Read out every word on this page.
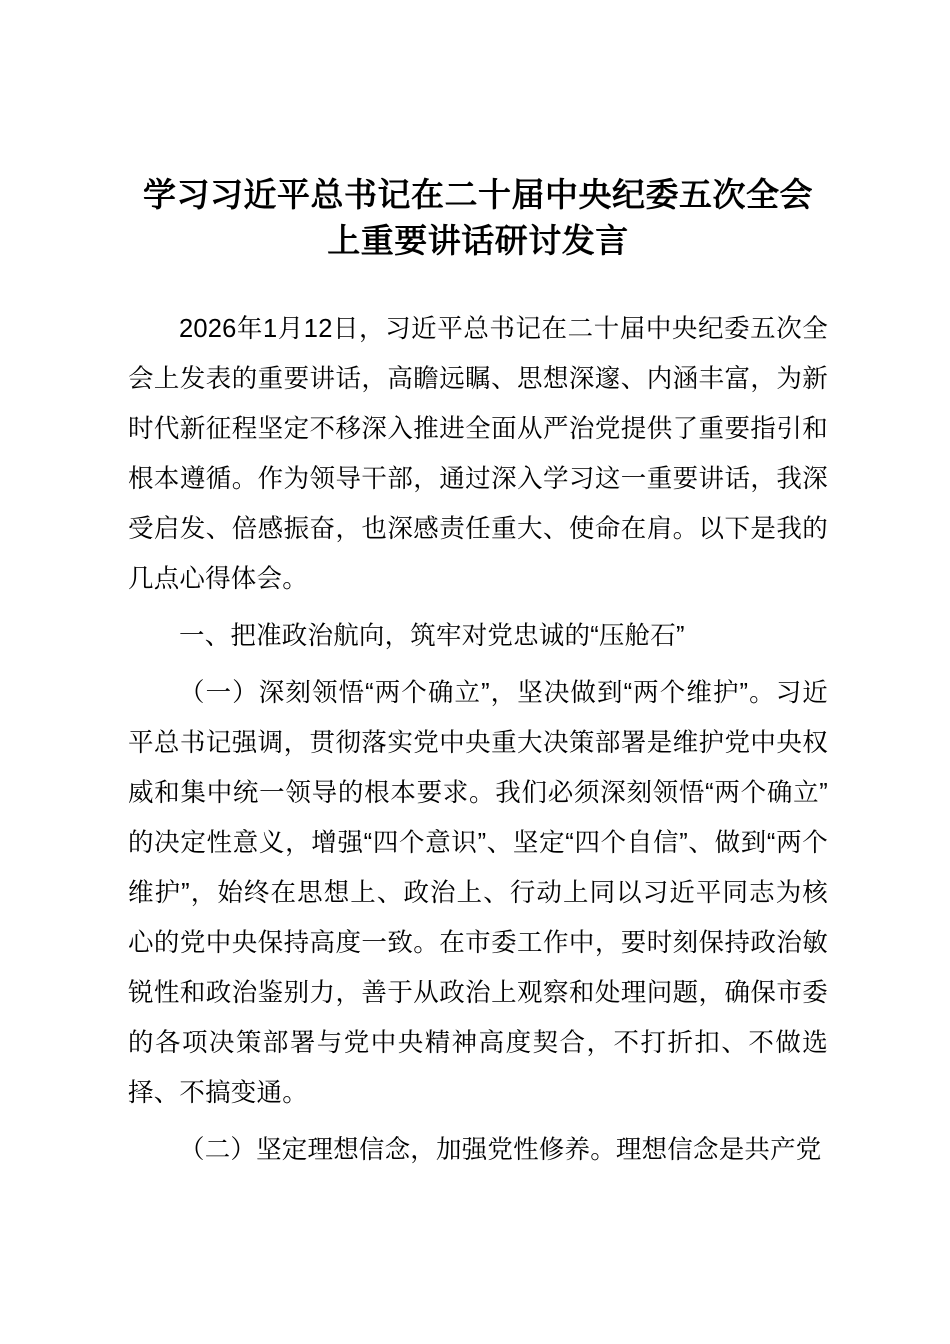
学习习近平总书记在二十届中央纪委五次全会上重要讲话研讨发言

2026年1月12日，习近平总书记在二十届中央纪委五次全会上发表的重要讲话，高瞻远瞩、思想深邃、内涵丰富，为新时代新征程坚定不移深入推进全面从严治党提供了重要指引和根本遵循。作为领导干部，通过深入学习这一重要讲话，我深受启发、倍感振奋，也深感责任重大、使命在肩。以下是我的几点心得体会。

一、把准政治航向，筑牢对党忠诚的“压舱石”

（一）深刻领悟“两个确立”，坚决做到“两个维护”。习近平总书记强调，贯彻落实党中央重大决策部署是维护党中央权威和集中统一领导的根本要求。我们必须深刻领悟“两个确立”的决定性意义，增强“四个意识”、坚定“四个自信”、做到“两个维护”，始终在思想上、政治上、行动上同以习近平同志为核心的党中央保持高度一致。在市委工作中，要时刻保持政治敏锐性和政治鉴别力，善于从政治上观察和处理问题，确保市委的各项决策部署与党中央精神高度契合，不打折扣、不做选择、不搞变通。

（二）坚定理想信念，加强党性修养。理想信念是共产党
